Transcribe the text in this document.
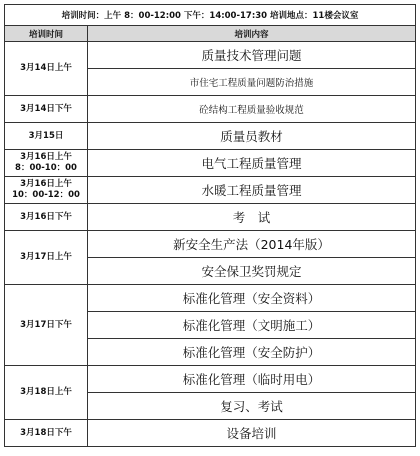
培训时间：上午 8：00-12:00 下午：14:00-17:30 培训地点：11楼会议室	
培训时间	培训内容

3月14日上午	质量技术管理问题
	市住宅工程质量问题防治措施

3月14日下午	砼结构工程质量验收规范

3月15日	质量员教材

3月16日上午
8：00-10：00	电气工程质量管理

3月16日上午
10：00-12：00	水暖工程质量管理

3月16日下午	考　试

3月17日上午	新安全生产法（2014年版）
	安全保卫奖罚规定

3月17日下午	标准化管理（安全资料）
	标准化管理（文明施工）
	标准化管理（安全防护）

3月18日上午	标准化管理（临时用电）
	复习、考试

3月18日下午	设备培训
